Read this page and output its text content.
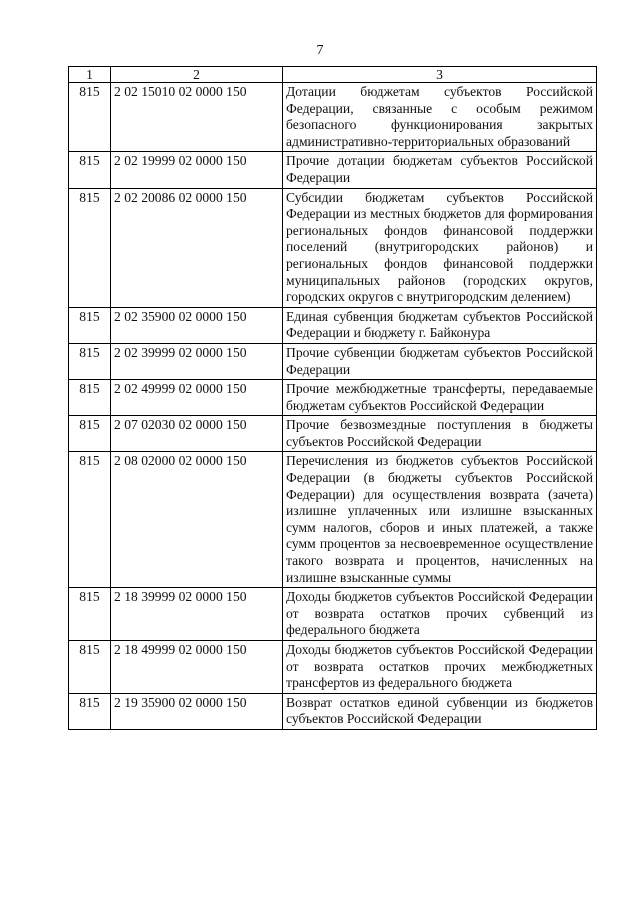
7
1	2	3
815	2 02 15010 02 0000 150	Дотации бюджетам субъектов Российской Федерации, связанные с особым режимом безопасного функционирования закрытых административно-территориальных образований
815	2 02 19999 02 0000 150	Прочие дотации бюджетам субъектов Российской Федерации
815	2 02 20086 02 0000 150	Субсидии бюджетам субъектов Российской Федерации из местных бюджетов для формирования региональных фондов финансовой поддержки поселений (внутригородских районов) и региональных фондов финансовой поддержки муниципальных районов (городских округов, городских округов с внутригородским делением)
815	2 02 35900 02 0000 150	Единая субвенция бюджетам субъектов Российской Федерации и бюджету г. Байконура
815	2 02 39999 02 0000 150	Прочие субвенции бюджетам субъектов Российской Федерации
815	2 02 49999 02 0000 150	Прочие межбюджетные трансферты, передаваемые бюджетам субъектов Российской Федерации
815	2 07 02030 02 0000 150	Прочие безвозмездные поступления в бюджеты субъектов Российской Федерации
815	2 08 02000 02 0000 150	Перечисления из бюджетов субъектов Российской Федерации (в бюджеты субъектов Российской Федерации) для осуществления возврата (зачета) излишне уплаченных или излишне взысканных сумм налогов, сборов и иных платежей, а также сумм процентов за несвоевременное осуществление такого возврата и процентов, начисленных на излишне взысканные суммы
815	2 18 39999 02 0000 150	Доходы бюджетов субъектов Российской Федерации от возврата остатков прочих субвенций из федерального бюджета
815	2 18 49999 02 0000 150	Доходы бюджетов субъектов Российской Федерации от возврата остатков прочих межбюджетных трансфертов из федерального бюджета
815	2 19 35900 02 0000 150	Возврат остатков единой субвенции из бюджетов субъектов Российской Федерации
